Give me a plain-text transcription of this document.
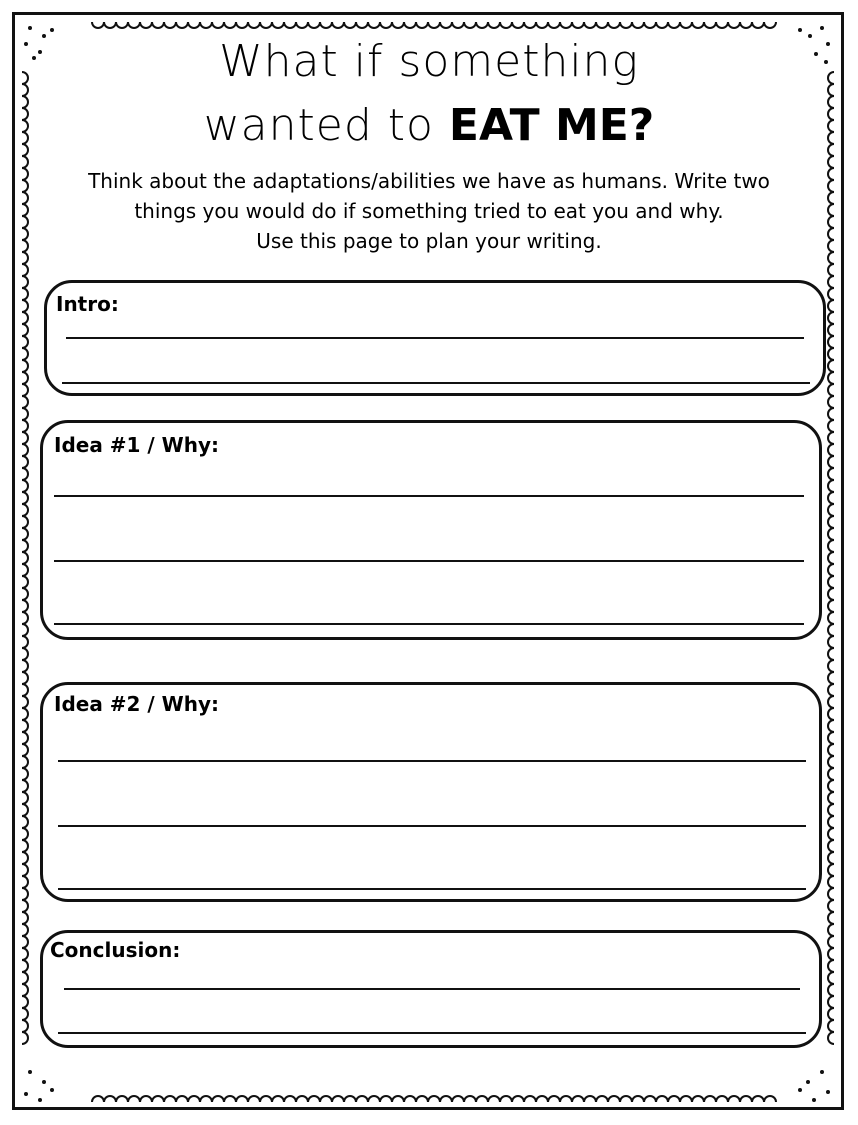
What if something
wanted to EAT ME?
Think about the adaptations/abilities we have as humans. Write two
things you would do if something tried to eat you and why.
Use this page to plan your writing.
Intro:
Idea #1 / Why:
Idea #2 / Why:
Conclusion:
